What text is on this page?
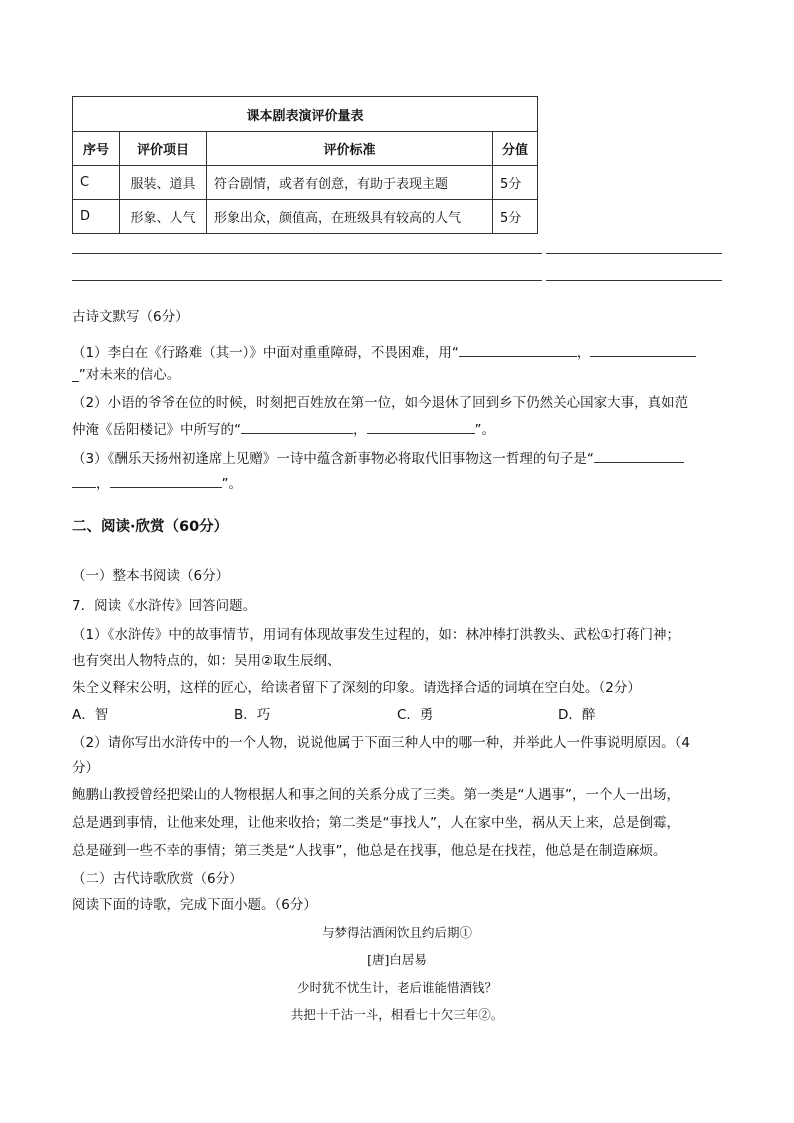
课本剧表演评价量表			
序号	评价项目	评价标准	分值
C	服装、道具	符合剧情，或者有创意，有助于表现主题	5分
D	形象、人气	形象出众，颜值高，在班级具有较高的人气	5分
古诗文默写（6分）
（1）李白在《行路难（其一）》中面对重重障碍，不畏困难，用“	，
_”对未来的信心。
（2）小语的爷爷在位的时候，时刻把百姓放在第一位，如今退休了回到乡下仍然关心国家大事，真如范
仲淹《岳阳楼记》中所写的“	，	”。
（3）《酬乐天扬州初逢席上见赠》一诗中蕴含新事物必将取代旧事物这一哲理的句子是“
，	”。
二、阅读·欣赏（60分）
（一）整本书阅读（6分）
7．阅读《水浒传》回答问题。
（1）《水浒传》中的故事情节，用词有体现故事发生过程的，如：林冲棒打洪教头、武松①打蒋门神；
也有突出人物特点的，如：吴用②取生辰纲、
朱仝义释宋公明，这样的匠心，给读者留下了深刻的印象。请选择合适的词填在空白处。（2分）
A．智	B．巧	C．勇	D．醉
（2）请你写出水浒传中的一个人物，说说他属于下面三种人中的哪一种，并举此人一件事说明原因。（4
分）
鲍鹏山教授曾经把梁山的人物根据人和事之间的关系分成了三类。第一类是“人遇事”，一个人一出场，
总是遇到事情，让他来处理，让他来收拾；第二类是“事找人”，人在家中坐，祸从天上来，总是倒霉，
总是碰到一些不幸的事情；第三类是“人找事”，他总是在找事，他总是在找茬，他总是在制造麻烦。
（二）古代诗歌欣赏（6分）
阅读下面的诗歌，完成下面小题。（6分）
与梦得沽酒闲饮且约后期①
[唐]白居易
少时犹不忧生计，老后谁能惜酒钱？
共把十千沽一斗，相看七十欠三年②。
